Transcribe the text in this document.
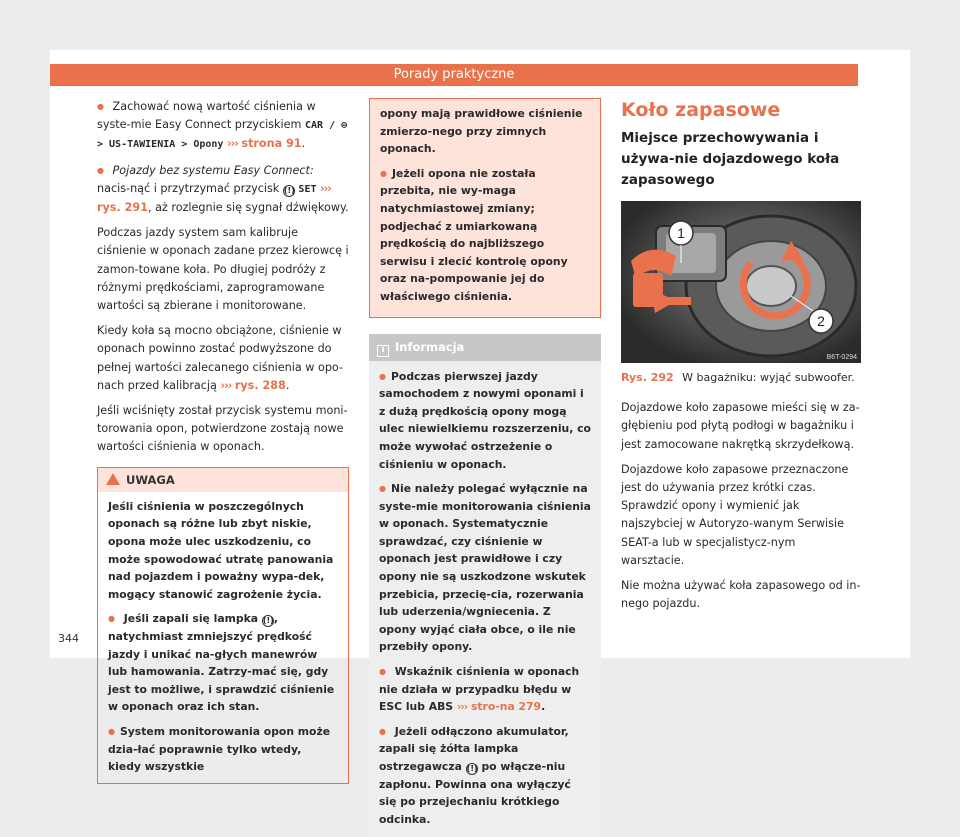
Porady praktyczne

● Zachować nową wartość ciśnienia w syste-mie Easy Connect przyciskiem CAR / ⊜ > US-TAWIENIA > Opony ››› strona 91.

● Pojazdy bez systemu Easy Connect: nacis-nąć i przytrzymać przycisk (!) SET ››› rys. 291, aż rozlegnie się sygnał dźwiękowy.

Podczas jazdy system sam kalibruje ciśnienie w oponach zadane przez kierowcę i zamon-towane koła. Po długiej podróży z różnymi prędkościami, zaprogramowane wartości są zbierane i monitorowane.

Kiedy koła są mocno obciążone, ciśnienie w oponach powinno zostać podwyższone do pełnej wartości zalecanego ciśnienia w opo-nach przed kalibracją ››› rys. 288.

Jeśli wciśnięty został przycisk systemu moni-torowania opon, potwierdzone zostają nowe wartości ciśnienia w oponach.

UWAGA

Jeśli ciśnienia w poszczególnych oponach są różne lub zbyt niskie, opona może ulec uszkodzeniu, co może spowodować utratę panowania nad pojazdem i poważny wypa-dek, mogący stanowić zagrożenie życia.

● Jeśli zapali się lampka (!), natychmiast zmniejszyć prędkość jazdy i unikać na-głych manewrów lub hamowania. Zatrzy-mać się, gdy jest to możliwe, i sprawdzić ciśnienie w oponach oraz ich stan.

● System monitorowania opon może dzia-łać poprawnie tylko wtedy, kiedy wszystkie

opony mają prawidłowe ciśnienie zmierzo-nego przy zimnych oponach.

● Jeżeli opona nie została przebita, nie wy-maga natychmiastowej zmiany; podjechać z umiarkowaną prędkością do najbliższego serwisu i zlecić kontrolę opony oraz na-pompowanie jej do właściwego ciśnienia.

i Informacja

● Podczas pierwszej jazdy samochodem z nowymi oponami i z dużą prędkością opony mogą ulec niewielkiemu rozszerzeniu, co może wywołać ostrzeżenie o ciśnieniu w oponach.

● Nie należy polegać wyłącznie na syste-mie monitorowania ciśnienia w oponach. Systematycznie sprawdzać, czy ciśnienie w oponach jest prawidłowe i czy opony nie są uszkodzone wskutek przebicia, przecię-cia, rozerwania lub uderzenia/wgniecenia. Z opony wyjąć ciała obce, o ile nie przebiły opony.

● Wskaźnik ciśnienia w oponach nie działa w przypadku błędu w ESC lub ABS ››› stro-na 279.

● Jeżeli odłączono akumulator, zapali się żółta lampka ostrzegawcza (!) po włącze-niu zapłonu. Powinna ona wyłączyć się po przejechaniu krótkiego odcinka.

Koło zapasowe
Miejsce przechowywania i używa-nie dojazdowego koła zapasowego
1
2
B6T-0294
Rys. 292 W bagażniku: wyjąć subwoofer.

Dojazdowe koło zapasowe mieści się w za-głębieniu pod płytą podłogi w bagażniku i jest zamocowane nakrętką skrzydełkową.

Dojazdowe koło zapasowe przeznaczone jest do używania przez krótki czas. Sprawdzić opony i wymienić jak najszybciej w Autoryzo-wanym Serwisie SEAT-a lub w specjalistycz-nym warsztacie.

Nie można używać koła zapasowego od in-nego pojazdu.

344
